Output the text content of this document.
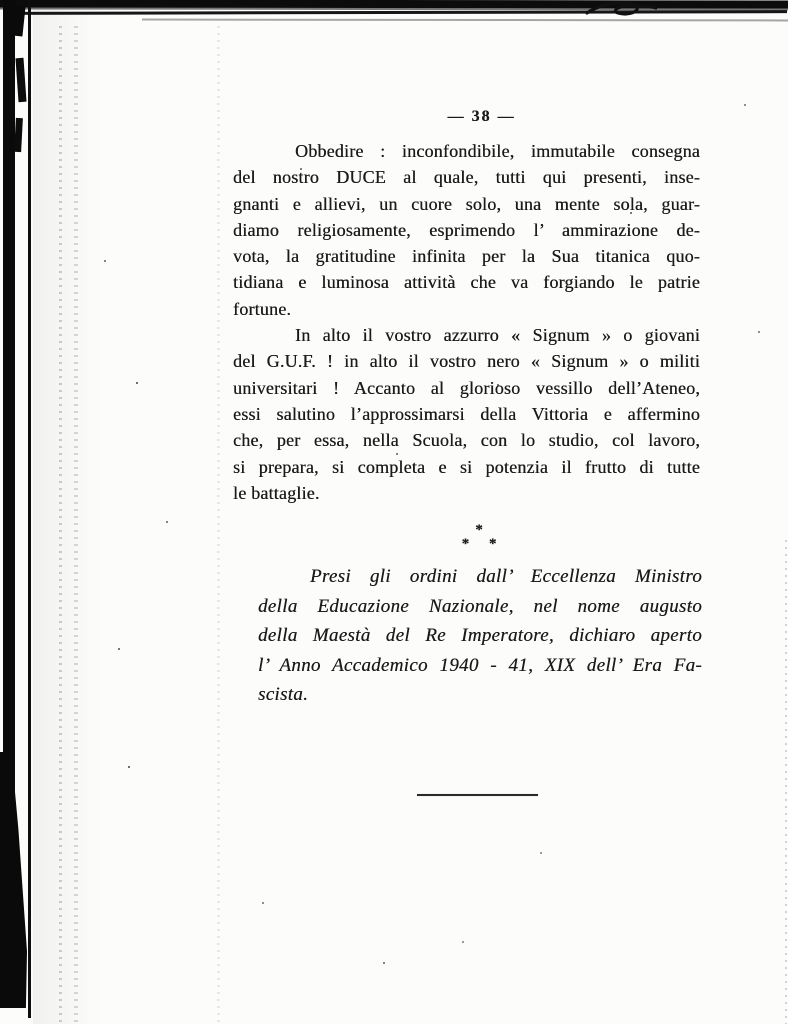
— 38 —
Obbedire : inconfondibile, immutabile consegna
del nostro DUCE al quale, tutti qui presenti, inse-
gnanti e allievi, un cuore solo, una mente sola, guar-
diamo religiosamente, esprimendo l’ ammirazione de-
vota, la gratitudine infinita per la Sua titanica quo-
tidiana e luminosa attività che va forgiando le patrie
fortune.
In alto il vostro azzurro « Signum » o giovani
del G.U.F. ! in alto il vostro nero « Signum » o militi
universitari ! Accanto al glorioso vessillo dell’Ateneo,
essi salutino l’approssimarsi della Vittoria e affermino
che, per essa, nella Scuola, con lo studio, col lavoro,
si prepara, si completa e si potenzia il frutto di tutte
le battaglie.
*
* *
Presi gli ordini dall’ Eccellenza Ministro
della Educazione Nazionale, nel nome augusto
della Maestà del Re Imperatore, dichiaro aperto
l’ Anno Accademico 1940 - 41, XIX dell’ Era Fa-
scista.
